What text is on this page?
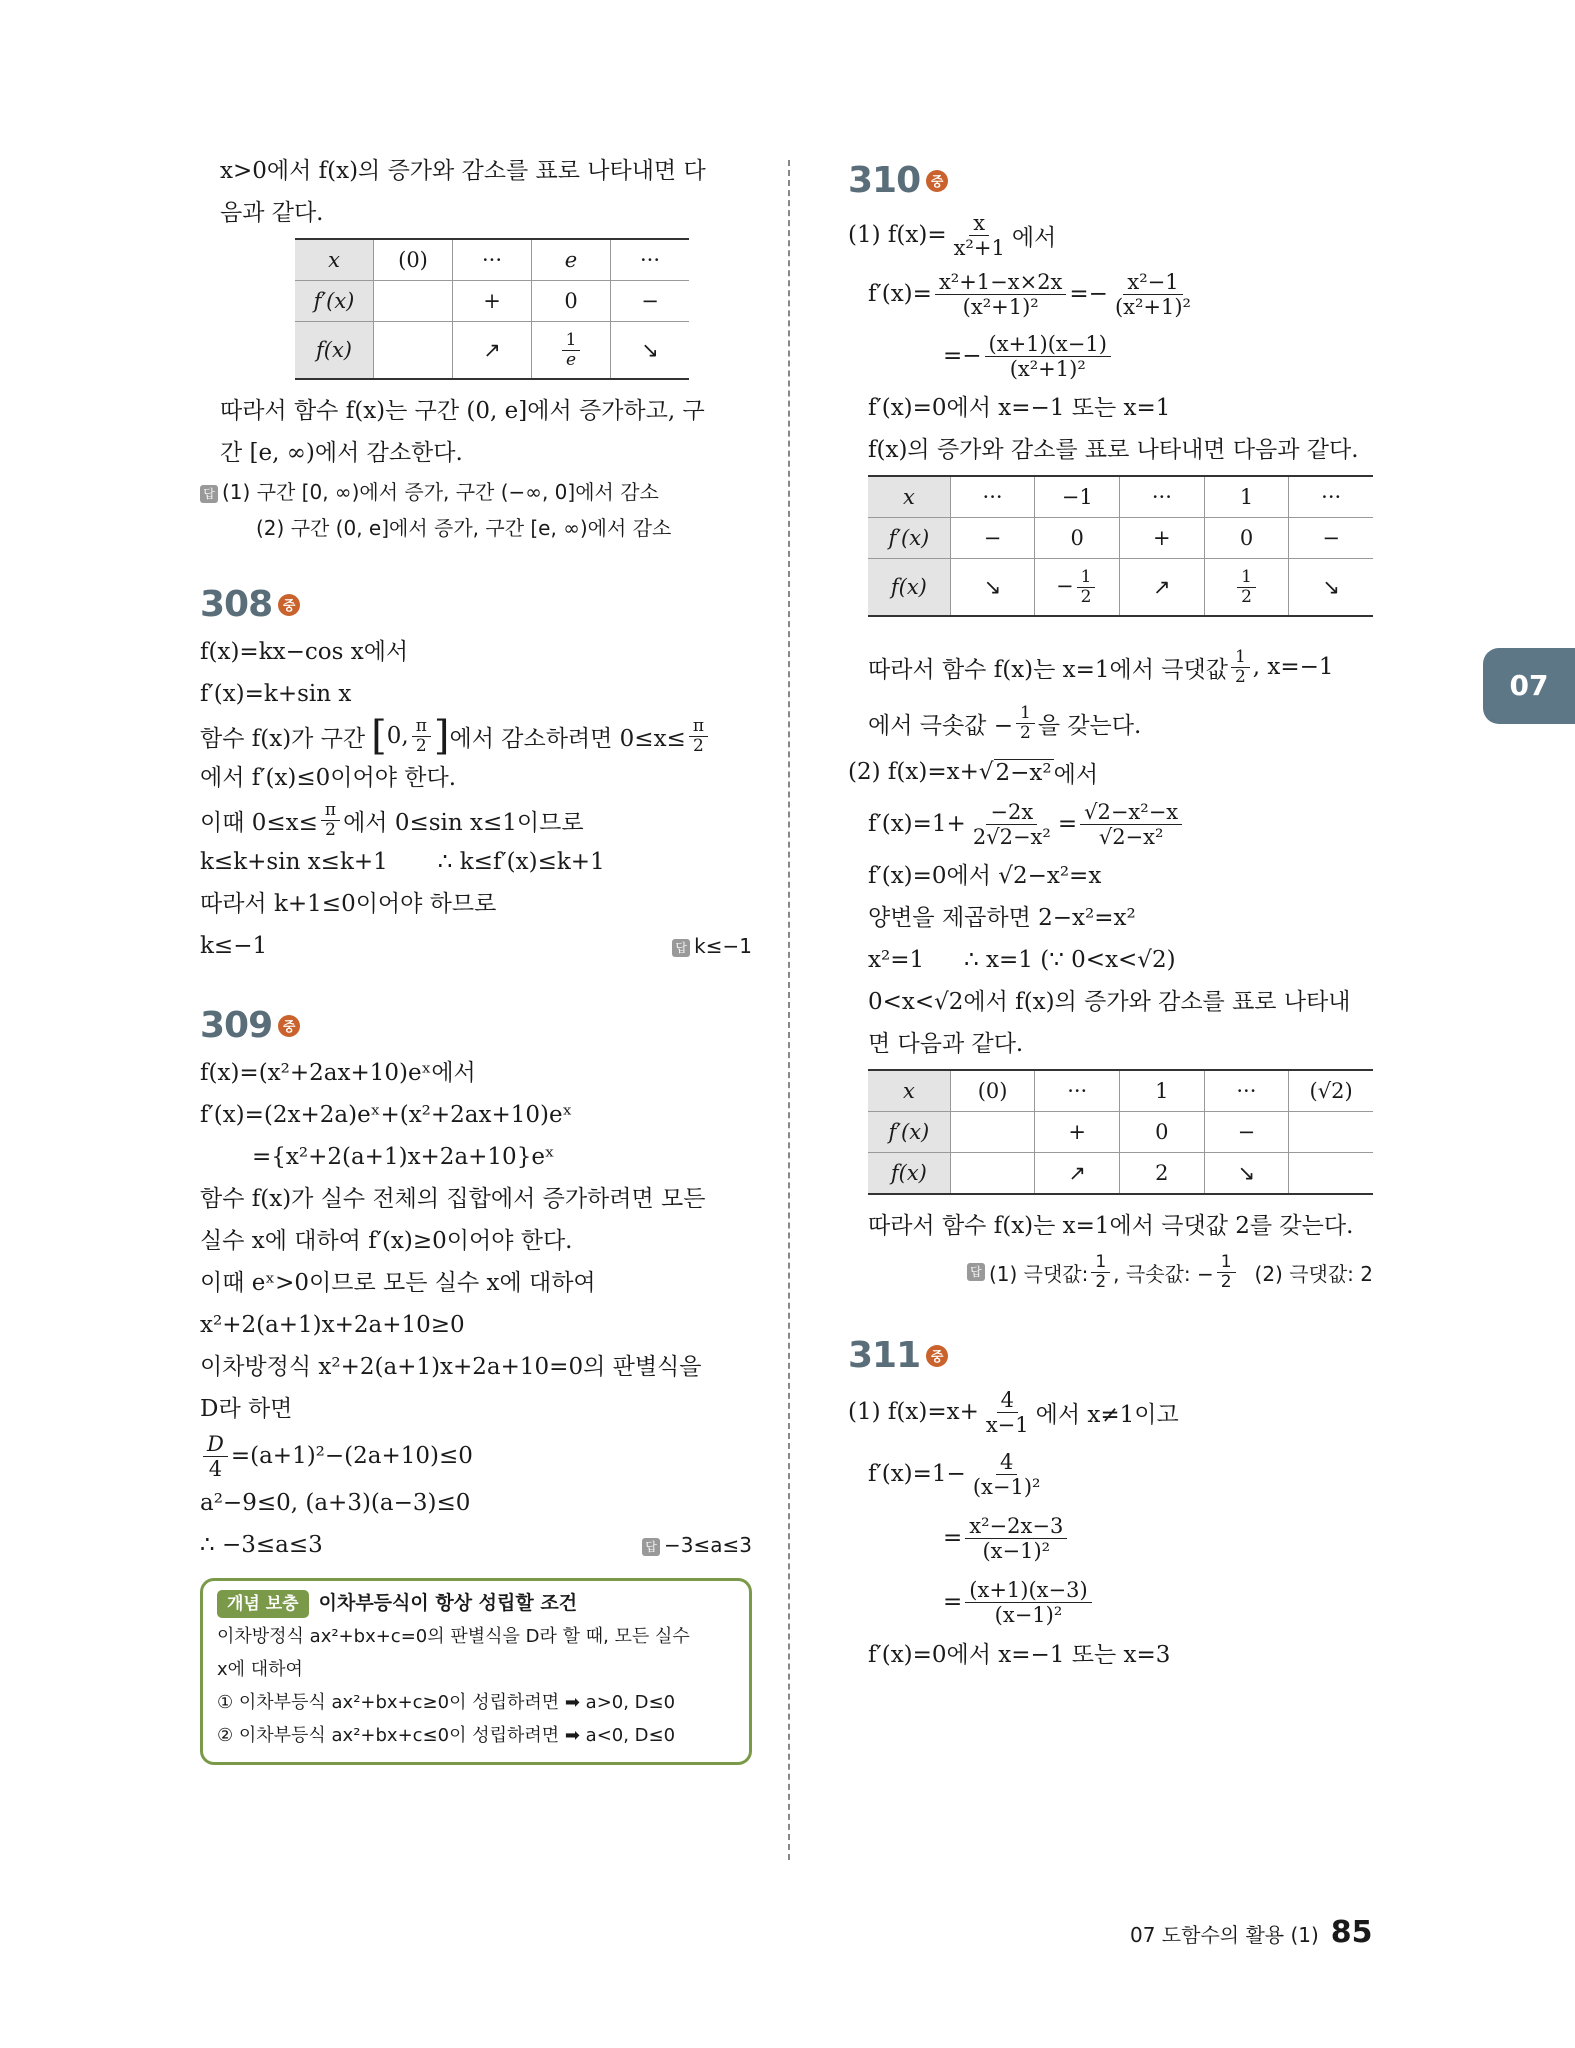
x>0에서 f(x)의 증가와 감소를 표로 나타내면 다
음과 같다.
x	(0)	···	e	···
f′(x)		+	0	−
f(x)		↗	$\frac{1}{e}$	↘
따라서 함수 f(x)는 구간 (0, e]에서 증가하고, 구
간 [e, ∞)에서 감소한다.
답 (1) 구간 [0, ∞)에서 증가, 구간 (−∞, 0]에서 감소
(2) 구간 (0, e]에서 증가, 구간 [e, ∞)에서 감소
308 중
f(x)=kx−cos x에서
f′(x)=k+sin x
함수 f(x)가 구간 [ 0, $\frac{\pi}{2}$ ] 에서 감소하려면 $0\le x\le \frac{\pi}{2}$
에서 f′(x)≤0이어야 한다.
이때 $0\le x\le \frac{\pi}{2}$ 에서 0≤sin x≤1이므로
k≤k+sin x≤k+1 ∴ k≤f′(x)≤k+1
따라서 k+1≤0이어야 하므로
k≤−1	답 k≤−1
309 중
f(x)=(x²+2ax+10)eˣ에서
f′(x)=(2x+2a)eˣ+(x²+2ax+10)eˣ
={x²+2(a+1)x+2a+10}eˣ
함수 f(x)가 실수 전체의 집합에서 증가하려면 모든
실수 x에 대하여 f′(x)≥0이어야 한다.
이때 eˣ>0이므로 모든 실수 x에 대하여
x²+2(a+1)x+2a+10≥0
이차방정식 x²+2(a+1)x+2a+10=0의 판별식을
D라 하면
$\frac{D}{4} =(a+1)^2-(2a+10)\le 0$
a²−9≤0, (a+3)(a−3)≤0
∴ −3≤a≤3	답 −3≤a≤3
개념 보충	이차부등식이 항상 성립할 조건
이차방정식 ax²+bx+c=0의 판별식을 D라 할 때, 모든 실수
x에 대하여
① 이차부등식 ax²+bx+c≥0이 성립하려면 ➡ a>0, D≤0
② 이차부등식 ax²+bx+c≤0이 성립하려면 ➡ a<0, D≤0
310 중
(1) $f(x)= \frac{x}{\text{x²+1}}$ 에서
$f'(x)= \frac{\text{x²+1−x×2x}}{\text{(x²+1)²}} =- \frac{\text{x²−1}}{\text{(x²+1)²}}$
=− $\frac{(x+1)(x-1)}{\text{(x²+1)²}}$
f′(x)=0에서 x=−1 또는 x=1
f(x)의 증가와 감소를 표로 나타내면 다음과 같다.
x	···	−1	···	1	···
f′(x)	−	0	+	0	−
f(x)	↘	− $\frac{1}{2}$	↗	$\frac{1}{2}$	↘
따라서 함수 f(x)는 x=1에서 극댓값 $\frac{1}{2}$ , x=−1
에서 극솟값 − $\frac{1}{2}$ 을 갖는다.
(2) f(x)=x+ √ 2−x² 에서
$f'(x)=1+ \frac{-2x}{\text{2√2−x²}} = \frac{\text{√2−x²−x}}{\text{√2−x²}}$
f′(x)=0에서 √2−x²=x
양변을 제곱하면 2−x²=x²
x²=1 ∴ x=1 (∵ 0<x<√2)
0<x<√2에서 f(x)의 증가와 감소를 표로 나타내
면 다음과 같다.
x	(0)	···	1	···	(√2)
f′(x)		+	0	−	
f(x)		↗	2	↘	
따라서 함수 f(x)는 x=1에서 극댓값 2를 갖는다.
답 (1) 극댓값: $\frac{1}{2}$ , 극솟값: − $\frac{1}{2} (2)$ 극댓값: 2
311 중
(1) $f(x)=x+ \frac{4}{x-1}$ 에서 x≠1이고
$f'(x)=1- \frac{4}{\text{(x−1)²}}$
= $\frac{\text{x²−2x−3}}{\text{(x−1)²}}$
= $\frac{(x+1)(x-3)}{\text{(x−1)²}}$
f′(x)=0에서 x=−1 또는 x=3
07
07 도함수의 활용 (1) 85
